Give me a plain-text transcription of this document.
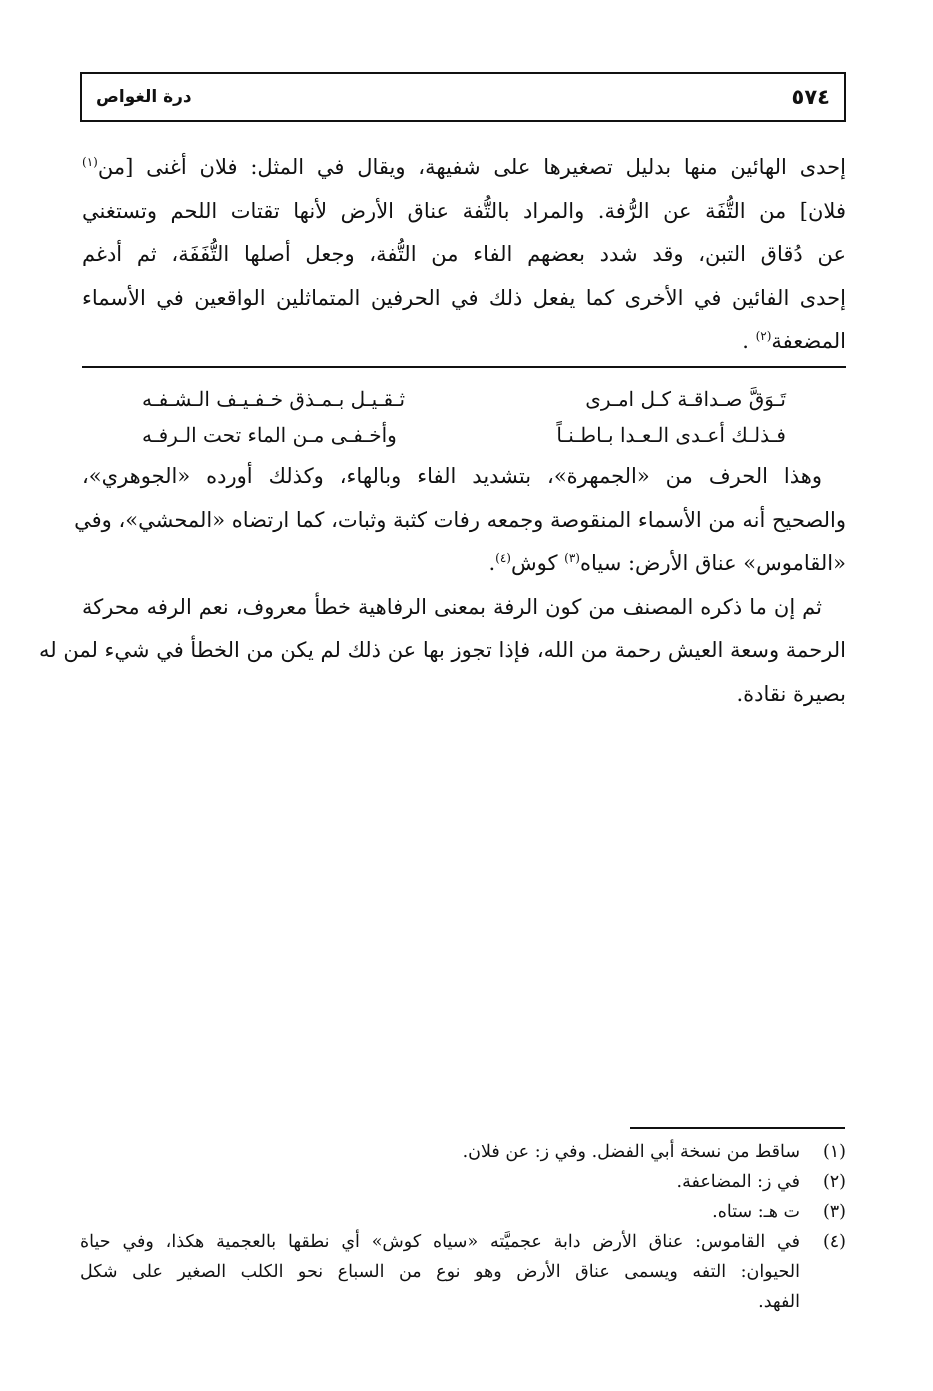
٥٧٤
درة الغواص
إحدى الهائين منها بدليل تصغيرها على شفيهة، ويقال في المثل: فلان أغنى [من$^{(١)}$
فلان] من التُّفَة عن الرُّفة. والمراد بالتُّفة عناق الأرض لأنها تقتات اللحم وتستغني
عن دُقاق التبن، وقد شدد بعضهم الفاء من التُّفة، وجعل أصلها التُّفَفَة، ثم أدغم
إحدى الفائين في الأخرى كما يفعل ذلك في الحرفين المتماثلين الواقعين في الأسماء
المضعفة$^{(٢)}$ .
تَـوَقَّ صـداقـة كـل امـرى
ثـقـيـل بـمـذق خـفـيـف الـشـفـه
فـذلـك أعـدى الـعـدا بـاطـنـاً
وأخـفـى مـن الماء تحت الـرفـه
وهذا الحرف من «الجمهرة»، بتشديد الفاء وبالهاء، وكذلك أورده «الجوهري»،
والصحيح أنه من الأسماء المنقوصة وجمعه رفات كثبة وثبات، كما ارتضاه «المحشي»، وفي
«القاموس» عناق الأرض: سياه$^{(٣)}$ كوش$^{(٤)}$.
ثم إن ما ذكره المصنف من كون الرفة بمعنى الرفاهية خطأ معروف، نعم الرفه محركة
الرحمة وسعة العيش رحمة من الله، فإذا تجوز بها عن ذلك لم يكن من الخطأ في شيء لمن له
بصيرة نقادة.
(١)
ساقط من نسخة أبي الفضل. وفي ز: عن فلان.
(٢)
في ز: المضاعفة.
(٣)
ت هـ: ستاه.
(٤)
في القاموس: عناق الأرض دابة عجميَّته «سياه كوش» أي نطقها بالعجمية هكذا، وفي حياة
الحيوان: التفه ويسمى عناق الأرض وهو نوع من السباع نحو الكلب الصغير على شكل
الفهد.
